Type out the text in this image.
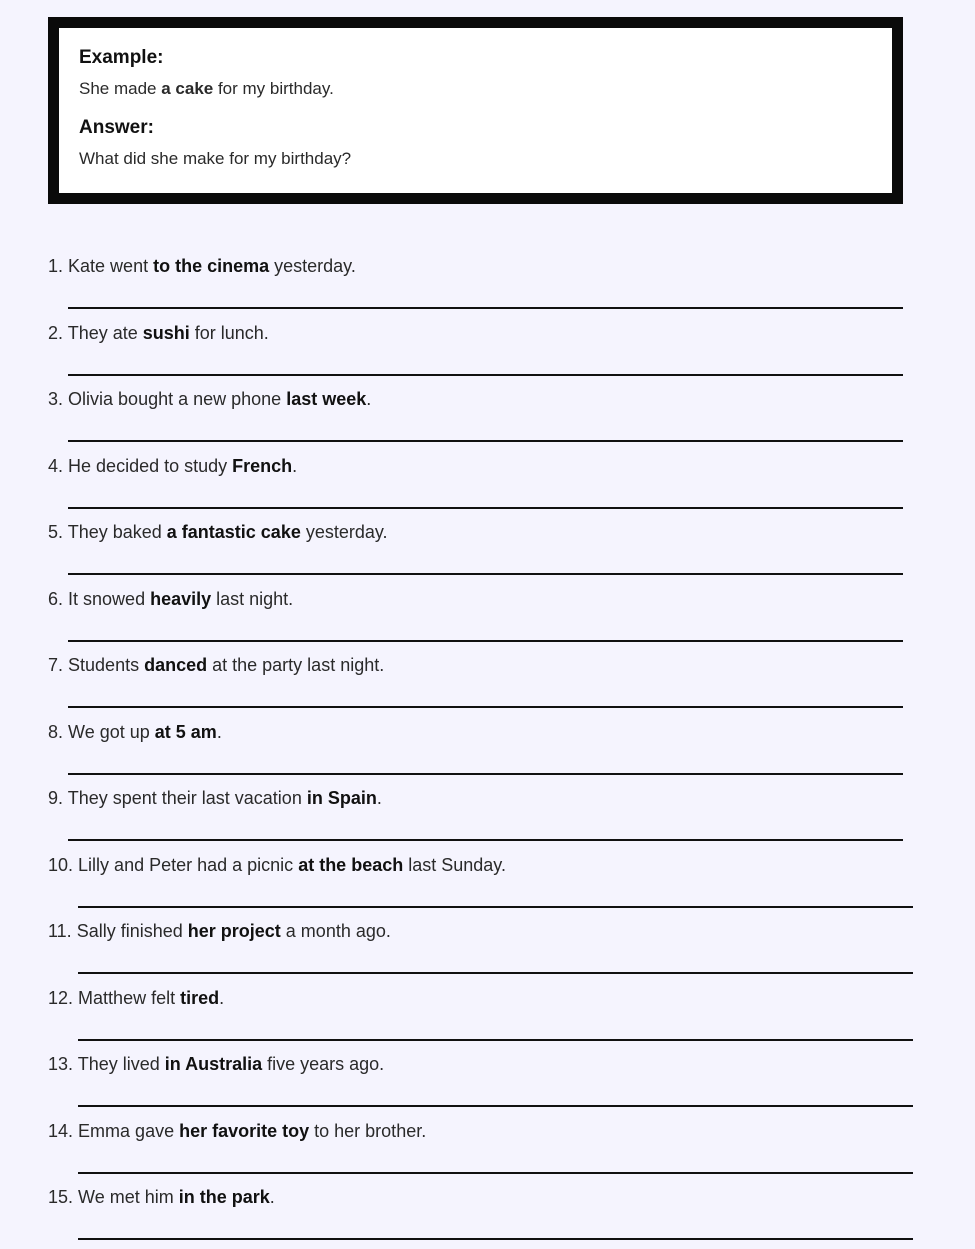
Example:

She made a cake for my birthday.

Answer:

What did she make for my birthday?

1. Kate went to the cinema yesterday.
2. They ate sushi for lunch.
3. Olivia bought a new phone last week.
4. He decided to study French.
5. They baked a fantastic cake yesterday.
6. It snowed heavily last night.
7. Students danced at the party last night.
8. We got up at 5 am.
9. They spent their last vacation in Spain.
10. Lilly and Peter had a picnic at the beach last Sunday.
11. Sally finished her project a month ago.
12. Matthew felt tired.
13. They lived in Australia five years ago.
14. Emma gave her favorite toy to her brother.
15. We met him in the park.
